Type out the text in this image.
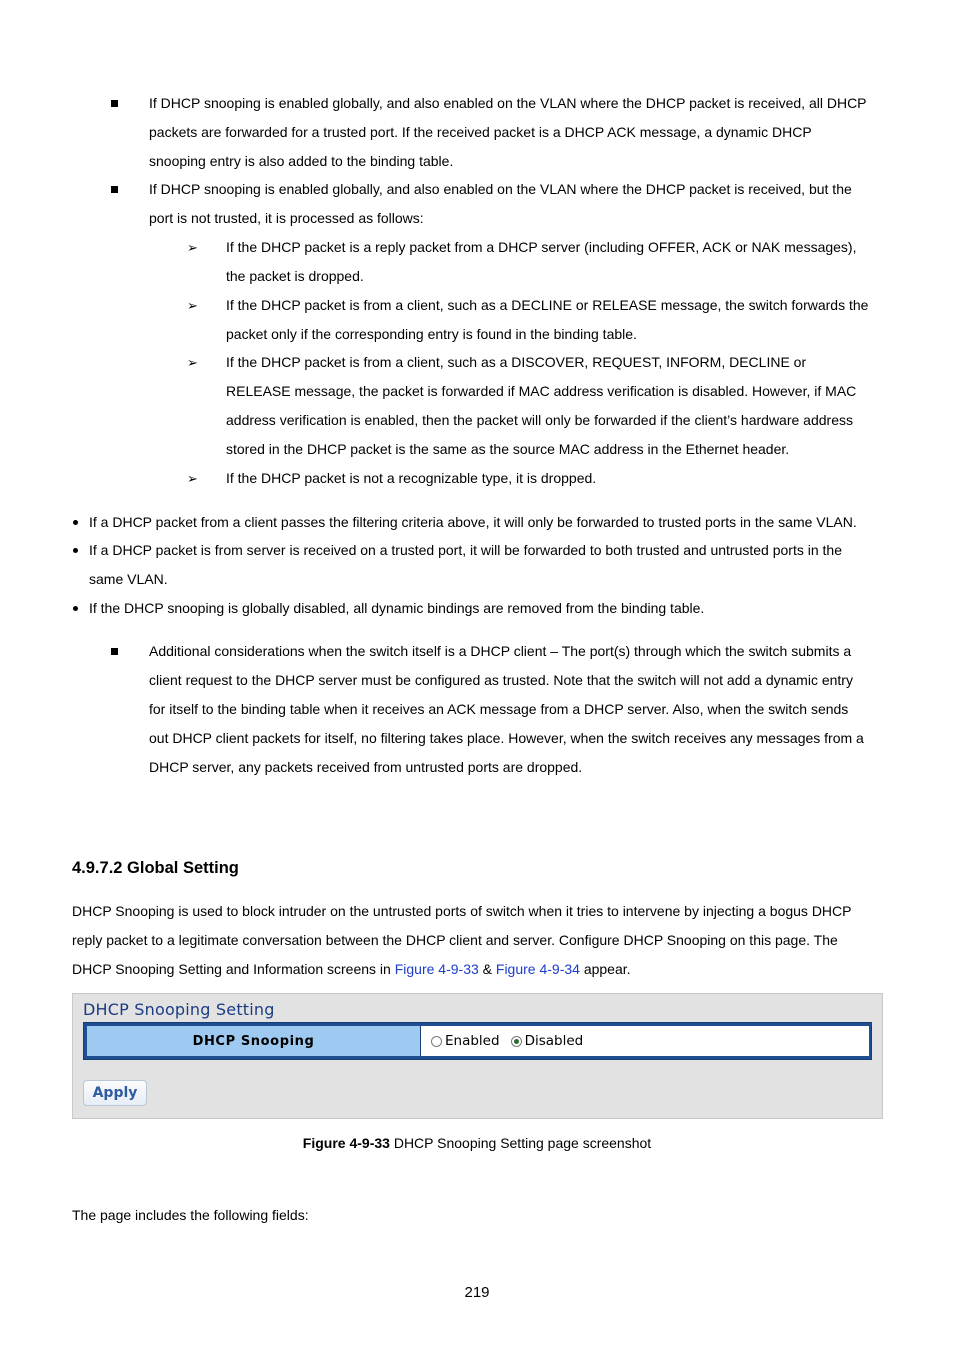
If DHCP snooping is enabled globally, and also enabled on the VLAN where the DHCP packet is received, all DHCP
packets are forwarded for a trusted port. If the received packet is a DHCP ACK message, a dynamic DHCP
snooping entry is also added to the binding table.
If DHCP snooping is enabled globally, and also enabled on the VLAN where the DHCP packet is received, but the
port is not trusted, it is processed as follows:
➢ If the DHCP packet is a reply packet from a DHCP server (including OFFER, ACK or NAK messages),
the packet is dropped.
➢ If the DHCP packet is from a client, such as a DECLINE or RELEASE message, the switch forwards the
packet only if the corresponding entry is found in the binding table.
➢ If the DHCP packet is from a client, such as a DISCOVER, REQUEST, INFORM, DECLINE or
RELEASE message, the packet is forwarded if MAC address verification is disabled. However, if MAC
address verification is enabled, then the packet will only be forwarded if the client’s hardware address
stored in the DHCP packet is the same as the source MAC address in the Ethernet header.
➢ If the DHCP packet is not a recognizable type, it is dropped.
If a DHCP packet from a client passes the filtering criteria above, it will only be forwarded to trusted ports in the same VLAN.
If a DHCP packet is from server is received on a trusted port, it will be forwarded to both trusted and untrusted ports in the
same VLAN.
If the DHCP snooping is globally disabled, all dynamic bindings are removed from the binding table.
Additional considerations when the switch itself is a DHCP client – The port(s) through which the switch submits a
client request to the DHCP server must be configured as trusted. Note that the switch will not add a dynamic entry
for itself to the binding table when it receives an ACK message from a DHCP server. Also, when the switch sends
out DHCP client packets for itself, no filtering takes place. However, when the switch receives any messages from a
DHCP server, any packets received from untrusted ports are dropped.
4.9.7.2 Global Setting
DHCP Snooping is used to block intruder on the untrusted ports of switch when it tries to intervene by injecting a bogus DHCP
reply packet to a legitimate conversation between the DHCP client and server. Configure DHCP Snooping on this page. The
DHCP Snooping Setting and Information screens in Figure 4-9-33 & Figure 4-9-34 appear.
DHCP Snooping Setting
DHCP Snooping	Enabled Disabled
Apply
Figure 4-9-33 DHCP Snooping Setting page screenshot
The page includes the following fields:
219
